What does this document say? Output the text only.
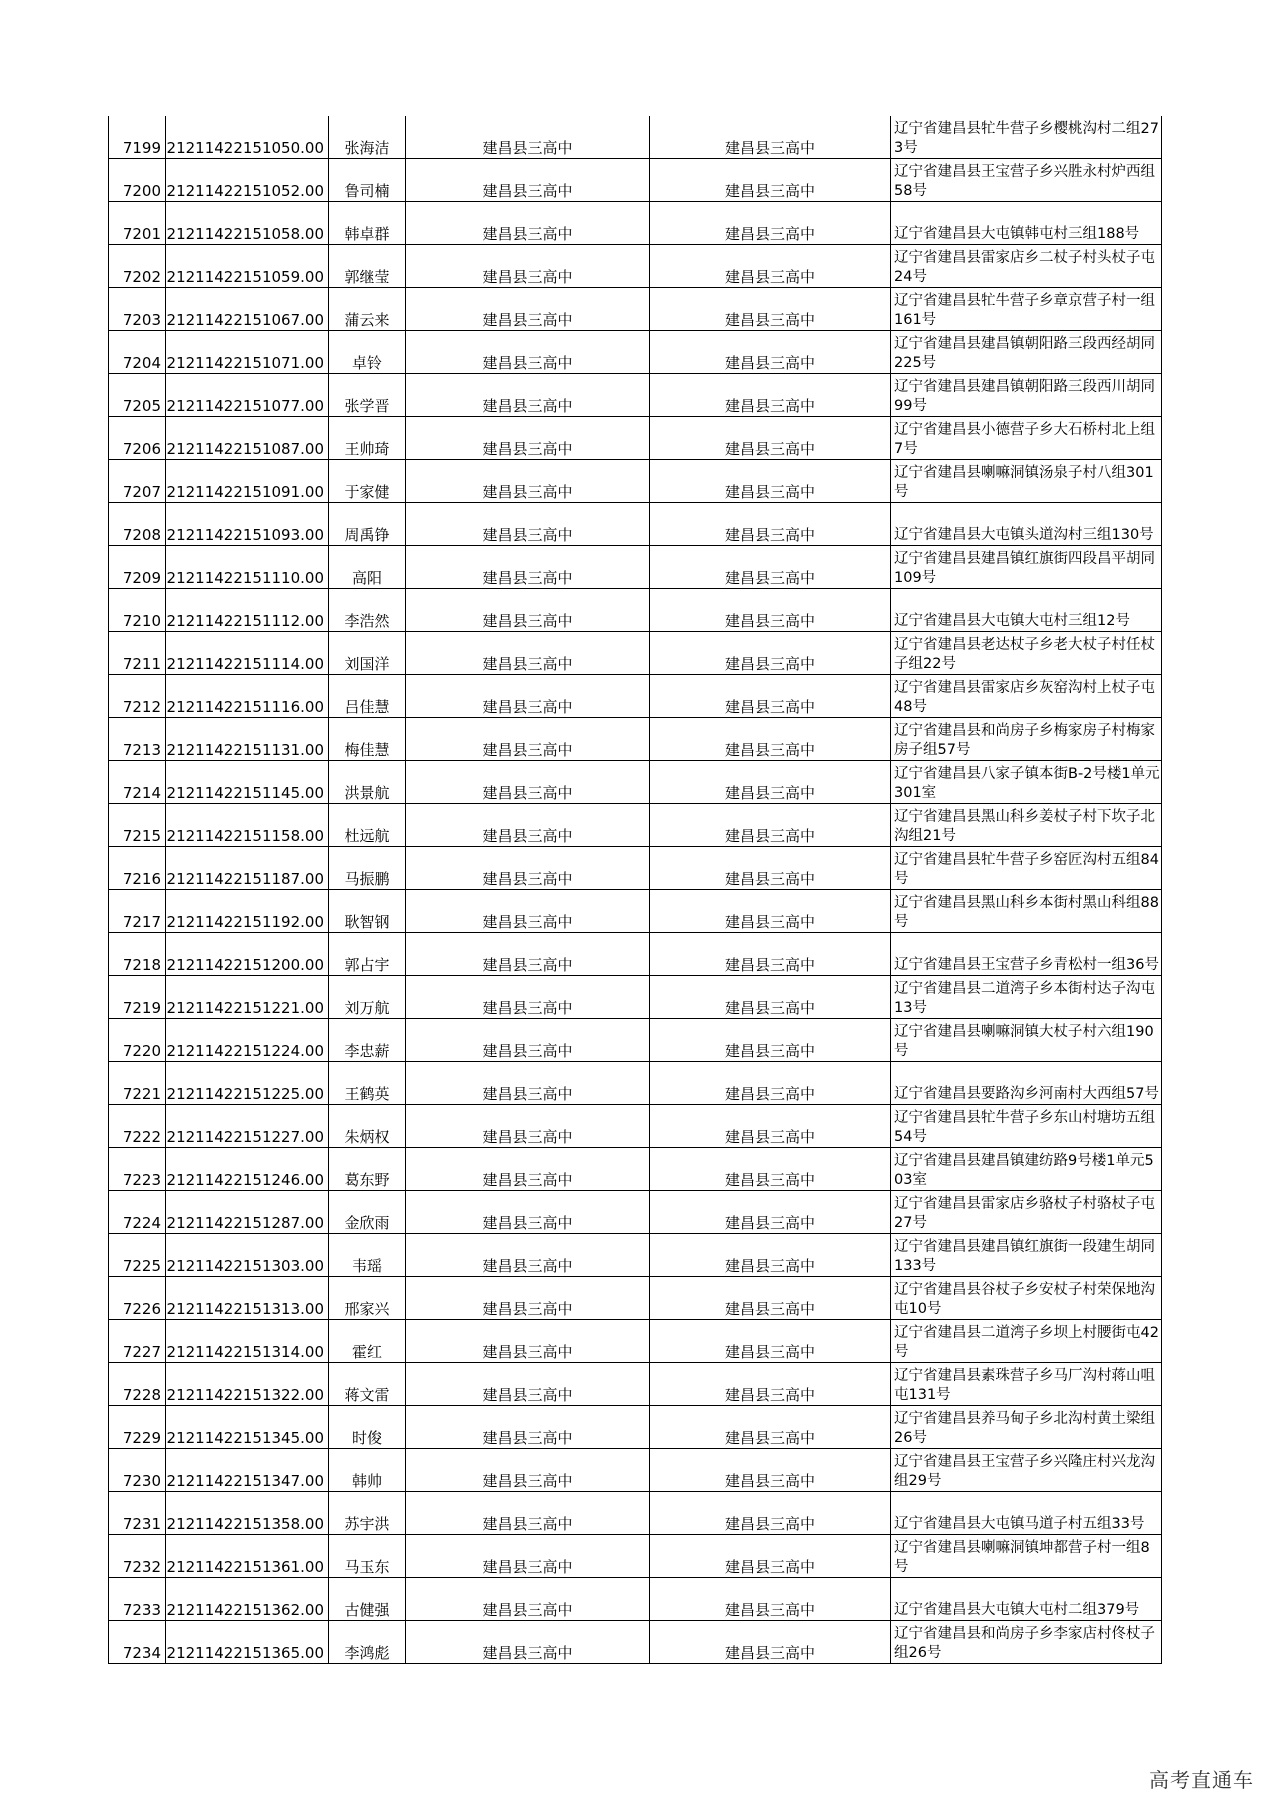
7199	21211422151050.00	张海洁	建昌县三高中	建昌县三高中	辽宁省建昌县牤牛营子乡樱桃沟村二组273号
7200	21211422151052.00	鲁司楠	建昌县三高中	建昌县三高中	辽宁省建昌县王宝营子乡兴胜永村炉西组58号
7201	21211422151058.00	韩卓群	建昌县三高中	建昌县三高中	辽宁省建昌县大屯镇韩屯村三组188号
7202	21211422151059.00	郭继莹	建昌县三高中	建昌县三高中	辽宁省建昌县雷家店乡二杖子村头杖子屯24号
7203	21211422151067.00	蒲云来	建昌县三高中	建昌县三高中	辽宁省建昌县牤牛营子乡章京营子村一组161号
7204	21211422151071.00	卓铃	建昌县三高中	建昌县三高中	辽宁省建昌县建昌镇朝阳路三段西经胡同225号
7205	21211422151077.00	张学晋	建昌县三高中	建昌县三高中	辽宁省建昌县建昌镇朝阳路三段西川胡同99号
7206	21211422151087.00	王帅琦	建昌县三高中	建昌县三高中	辽宁省建昌县小德营子乡大石桥村北上组7号
7207	21211422151091.00	于家健	建昌县三高中	建昌县三高中	辽宁省建昌县喇嘛洞镇汤泉子村八组301号
7208	21211422151093.00	周禹铮	建昌县三高中	建昌县三高中	辽宁省建昌县大屯镇头道沟村三组130号
7209	21211422151110.00	高阳	建昌县三高中	建昌县三高中	辽宁省建昌县建昌镇红旗街四段昌平胡同109号
7210	21211422151112.00	李浩然	建昌县三高中	建昌县三高中	辽宁省建昌县大屯镇大屯村三组12号
7211	21211422151114.00	刘国洋	建昌县三高中	建昌县三高中	辽宁省建昌县老达杖子乡老大杖子村任杖子组22号
7212	21211422151116.00	吕佳慧	建昌县三高中	建昌县三高中	辽宁省建昌县雷家店乡灰窑沟村上杖子屯48号
7213	21211422151131.00	梅佳慧	建昌县三高中	建昌县三高中	辽宁省建昌县和尚房子乡梅家房子村梅家房子组57号
7214	21211422151145.00	洪景航	建昌县三高中	建昌县三高中	辽宁省建昌县八家子镇本街B-2号楼1单元301室
7215	21211422151158.00	杜远航	建昌县三高中	建昌县三高中	辽宁省建昌县黑山科乡姜杖子村下坎子北沟组21号
7216	21211422151187.00	马振鹏	建昌县三高中	建昌县三高中	辽宁省建昌县牤牛营子乡窑匠沟村五组84号
7217	21211422151192.00	耿智钢	建昌县三高中	建昌县三高中	辽宁省建昌县黑山科乡本街村黑山科组88号
7218	21211422151200.00	郭占宇	建昌县三高中	建昌县三高中	辽宁省建昌县王宝营子乡青松村一组36号
7219	21211422151221.00	刘万航	建昌县三高中	建昌县三高中	辽宁省建昌县二道湾子乡本街村达子沟屯13号
7220	21211422151224.00	李忠薪	建昌县三高中	建昌县三高中	辽宁省建昌县喇嘛洞镇大杖子村六组190号
7221	21211422151225.00	王鹤英	建昌县三高中	建昌县三高中	辽宁省建昌县要路沟乡河南村大西组57号
7222	21211422151227.00	朱炳权	建昌县三高中	建昌县三高中	辽宁省建昌县牤牛营子乡东山村塘坊五组54号
7223	21211422151246.00	葛东野	建昌县三高中	建昌县三高中	辽宁省建昌县建昌镇建纺路9号楼1单元503室
7224	21211422151287.00	金欣雨	建昌县三高中	建昌县三高中	辽宁省建昌县雷家店乡骆杖子村骆杖子屯27号
7225	21211422151303.00	韦瑶	建昌县三高中	建昌县三高中	辽宁省建昌县建昌镇红旗街一段建生胡同133号
7226	21211422151313.00	邢家兴	建昌县三高中	建昌县三高中	辽宁省建昌县谷杖子乡安杖子村荣保地沟屯10号
7227	21211422151314.00	霍红	建昌县三高中	建昌县三高中	辽宁省建昌县二道湾子乡坝上村腰街屯42号
7228	21211422151322.00	蒋文雷	建昌县三高中	建昌县三高中	辽宁省建昌县素珠营子乡马厂沟村蒋山咀屯131号
7229	21211422151345.00	时俊	建昌县三高中	建昌县三高中	辽宁省建昌县养马甸子乡北沟村黄土梁组26号
7230	21211422151347.00	韩帅	建昌县三高中	建昌县三高中	辽宁省建昌县王宝营子乡兴隆庄村兴龙沟组29号
7231	21211422151358.00	苏宇洪	建昌县三高中	建昌县三高中	辽宁省建昌县大屯镇马道子村五组33号
7232	21211422151361.00	马玉东	建昌县三高中	建昌县三高中	辽宁省建昌县喇嘛洞镇坤都营子村一组8号
7233	21211422151362.00	古健强	建昌县三高中	建昌县三高中	辽宁省建昌县大屯镇大屯村二组379号
7234	21211422151365.00	李鸿彪	建昌县三高中	建昌县三高中	辽宁省建昌县和尚房子乡李家店村佟杖子组26号
高考直通车
